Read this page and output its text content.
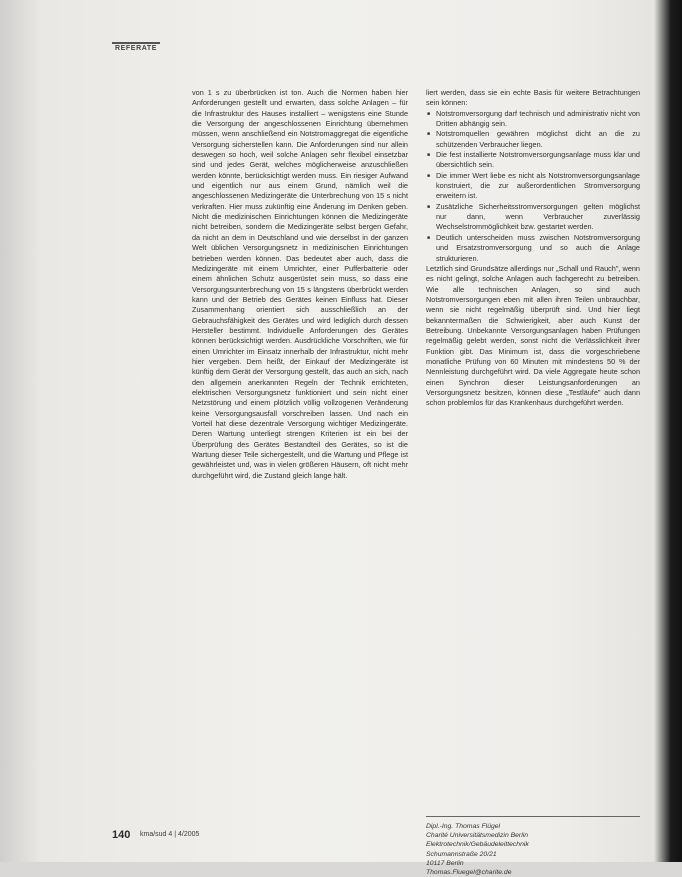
REFERATE

von 1 s zu überbrücken ist ton. Auch die Normen haben hier Anforderungen gestellt und erwarten, dass solche Anlagen – für die Infrastruktur des Hauses installiert – wenigstens eine Stunde die Versorgung der angeschlossenen Einrichtung übernehmen müssen, wenn anschließend ein Notstromaggregat die eigentliche Versorgung sicherstellen kann. Die Anforderungen sind nur allein deswegen so hoch, weil solche Anlagen sehr flexibel einsetzbar sind und jedes Gerät, welches möglicherweise anzuschließen werden könnte, berücksichtigt werden muss. Ein riesiger Aufwand und eigentlich nur aus einem Grund, nämlich weil die angeschlossenen Medizingeräte die Unterbrechung von 15 s nicht verkraften. Hier muss zukünftig eine Änderung im Denken geben. Nicht die medizinischen Einrichtungen können die Medizingeräte nicht betreiben, sondern die Medizingeräte selbst bergen Gefahr, da nicht an dem in Deutschland und wie derselbst in der ganzen Welt üblichen Versorgungsnetz in medizinischen Einrichtungen betrieben werden können. Das bedeutet aber auch, dass die Medizingeräte mit einem Umrichter, einer Pufferbatterie oder einem ähnlichen Schutz ausgerüstet sein muss, so dass eine Versorgungsunterbrechung von 15 s längstens überbrückt werden kann und der Betrieb des Gerätes keinen Einfluss hat. Dieser Zusammenhang orientiert sich ausschließlich an der Gebrauchsfähigkeit des Gerätes und wird lediglich durch dessen Hersteller bestimmt. Individuelle Anforderungen des Gerätes können berücksichtigt werden. Ausdrückliche Vorschriften, wie für einen Umrichter im Einsatz innerhalb der Infrastruktur, nicht mehr hier vergeben. Dem heißt, der Einkauf der Medizingeräte ist künftig dem Gerät der Versorgung gestellt, das auch an sich, nach den allgemein anerkannten Regeln der Technik errichteten, elektrischen Versorgungsnetz funktioniert und sein nicht einer Netzstörung und einem plötzlich völlig vollzogenen Veränderung keine Versorgungsausfall vorschreiben lassen. Und nach ein Vorteil hat diese dezentrale Versorgung wichtiger Medizingeräte. Deren Wartung unterliegt strengen Kriterien ist ein bei der Überprüfung des Gerätes Bestandteil des Gerätes, so ist die Wartung dieser Teile sichergestellt, und die Wartung und Pflege ist gewährleistet und, was in vielen größeren Häusern, oft nicht mehr durchgeführt wird, die Zustand gleich lange hält.

liert werden, dass sie ein echte Basis für weitere Betrachtungen sein können:

■ Notstromversorgung darf technisch und administrativ nicht von Dritten abhängig sein.
■ Notstromquellen gewähren möglichst dicht an die zu schützenden Verbraucher liegen.
■ Die fest installierte Notstromversorgungsanlage muss klar und übersichtlich sein.
■ Die immer Wert liebe es nicht als Notstromversorgungsanlage konstruiert, die zur außerordentlichen Stromversorgung erweitern ist.
■ Zusätzliche Sicherheitsstromversorgungen gelten möglichst nur dann, wenn Verbraucher zuverlässig Wechselstrommöglichkeit bzw. gestartet werden.
■ Deutlich unterscheiden muss zwischen Notstromversorgung und Ersatzstromversorgung und so auch die Anlage strukturieren.

Letztlich sind Grundsätze allerdings nur „Schall und Rauch", wenn es nicht gelingt, solche Anlagen auch fachgerecht zu betreiben. Wie alle technischen Anlagen, so sind auch Notstromversorgungen eben mit allen ihren Teilen unbrauchbar, wenn sie nicht regelmäßig überprüft sind. Und hier liegt bekanntermaßen die Schwierigkeit, aber auch Kunst der Betreibung. Unbekannte Versorgungsanlagen haben Prüfungen regelmäßig gelebt werden, sonst nicht die Verlässlichkeit ihrer Funktion gibt. Das Minimum ist, dass die vorgeschriebene monatliche Prüfung von 60 Minuten mit mindestens 50 % der Nennleistung durchgeführt wird. Da viele Aggregate heute schon einen Synchron dieser Leistungsanforderungen an Versorgungsnetz besitzen, können diese „Testläufe" auch dann schon problemlos für das Krankenhaus durchgeführt werden.

Dipl.-Ing. Thomas Flügel
Charité Universitätsmedizin Berlin
Elektrotechnik/Gebäudeleittechnik
Schumannstraße 20/21
10117 Berlin
Thomas.Fluegel@charite.de
140 kma/sud 4 | 4/2005
